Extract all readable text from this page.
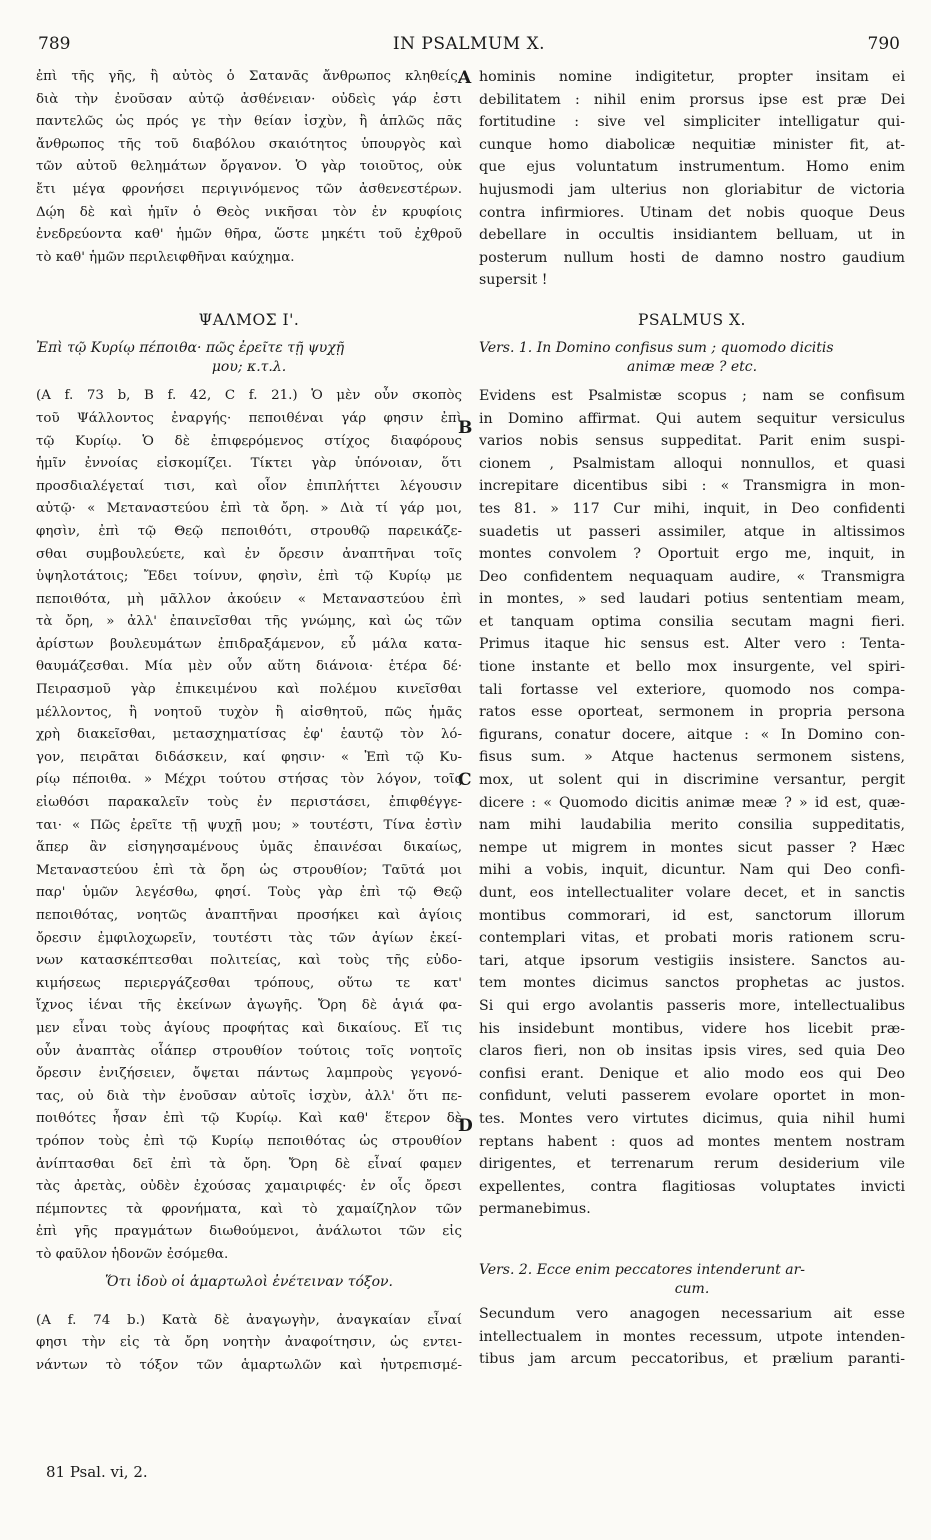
789	IN PSALMUM X.	790
A
B
C
D
ἐπὶ τῆς γῆς, ἢ αὐτὸς ὁ Σατανᾶς ἄνθρωπος κληθείς,
διὰ τὴν ἐνοῦσαν αὐτῷ ἀσθένειαν· οὐδεὶς γάρ ἐστι
παντελῶς ὡς πρός γε τὴν θείαν ἰσχὺν, ἢ ἁπλῶς πᾶς
ἄνθρωπος τῆς τοῦ διαβόλου σκαιότητος ὑπουργὸς καὶ
τῶν αὐτοῦ θελημάτων ὄργανον. Ὁ γὰρ τοιοῦτος, οὐκ
ἔτι μέγα φρονήσει περιγινόμενος τῶν ἀσθενεστέρων.
Δῴη δὲ καὶ ἡμῖν ὁ Θεὸς νικῆσαι τὸν ἐν κρυφίοις
ἐνεδρεύοντα καθ' ἡμῶν θῆρα, ὥστε μηκέτι τοῦ ἐχθροῦ
τὸ καθ' ἡμῶν περιλειφθῆναι καύχημα.
ΨΑΛΜΟΣ Ι'.
Ἐπὶ τῷ Κυρίῳ πέποιθα· πῶς ἐρεῖτε τῇ ψυχῇ
μου; κ.τ.λ.
(A f. 73 b, B f. 42, C f. 21.) Ὁ μὲν οὖν σκοπὸς
τοῦ Ψάλλοντος ἐναργής· πεποιθέναι γάρ φησιν ἐπὶ
τῷ Κυρίῳ. Ὁ δὲ ἐπιφερόμενος στίχος διαφόρους
ἡμῖν ἐννοίας εἰσκομίζει. Τίκτει γὰρ ὑπόνοιαν, ὅτι
προσδιαλέγεταί τισι, καὶ οἷον ἐπιπλήττει λέγουσιν
αὐτῷ· « Μεταναστεύου ἐπὶ τὰ ὄρη. » Διὰ τί γάρ μοι,
φησὶν, ἐπὶ τῷ Θεῷ πεποιθότι, στρουθῷ παρεικάζε-
σθαι συμβουλεύετε, καὶ ἐν ὄρεσιν ἀναπτῆναι τοῖς
ὑψηλοτάτοις; Ἔδει τοίνυν, φησὶν, ἐπὶ τῷ Κυρίῳ με
πεποιθότα, μὴ μᾶλλον ἀκούειν « Μεταναστεύου ἐπὶ
τὰ ὄρη, » ἀλλ' ἐπαινεῖσθαι τῆς γνώμης, καὶ ὡς τῶν
ἀρίστων βουλευμάτων ἐπιδραξάμενον, εὖ μάλα κατα-
θαυμάζεσθαι. Μία μὲν οὖν αὕτη διάνοια· ἑτέρα δέ·
Πειρασμοῦ γὰρ ἐπικειμένου καὶ πολέμου κινεῖσθαι
μέλλοντος, ἢ νοητοῦ τυχὸν ἢ αἰσθητοῦ, πῶς ἡμᾶς
χρὴ διακεῖσθαι, μετασχηματίσας ἐφ' ἑαυτῷ τὸν λό-
γον, πειρᾶται διδάσκειν, καί φησιν· « Ἐπὶ τῷ Κυ-
ρίῳ πέποιθα. » Μέχρι τούτου στήσας τὸν λόγον, τοῖς
εἰωθόσι παρακαλεῖν τοὺς ἐν περιστάσει, ἐπιφθέγγε-
ται· « Πῶς ἐρεῖτε τῇ ψυχῇ μου; » τουτέστι, Τίνα ἐστὶν
ἅπερ ἂν εἰσηγησαμένους ὑμᾶς ἐπαινέσαι δικαίως,
Μεταναστεύου ἐπὶ τὰ ὄρη ὡς στρουθίον; Ταῦτά μοι
παρ' ὑμῶν λεγέσθω, φησί. Τοὺς γὰρ ἐπὶ τῷ Θεῷ
πεποιθότας, νοητῶς ἀναπτῆναι προσήκει καὶ ἁγίοις
ὄρεσιν ἐμφιλοχωρεῖν, τουτέστι τὰς τῶν ἁγίων ἐκεί-
νων κατασκέπτεσθαι πολιτείας, καὶ τοὺς τῆς εὐδο-
κιμήσεως περιεργάζεσθαι τρόπους, οὕτω τε κατ'
ἴχνος ἰέναι τῆς ἐκείνων ἀγωγῆς. Ὄρη δὲ ἁγιά φα-
μεν εἶναι τοὺς ἁγίους προφήτας καὶ δικαίους. Εἴ τις
οὖν ἀναπτὰς οἷάπερ στρουθίον τούτοις τοῖς νοητοῖς
ὄρεσιν ἐνιζήσειεν, ὄψεται πάντως λαμπροὺς γεγονό-
τας, οὐ διὰ τὴν ἐνοῦσαν αὐτοῖς ἰσχὺν, ἀλλ' ὅτι πε-
ποιθότες ἦσαν ἐπὶ τῷ Κυρίῳ. Καὶ καθ' ἕτερον δὲ
τρόπον τοὺς ἐπὶ τῷ Κυρίῳ πεποιθότας ὡς στρουθίον
ἀνίπτασθαι δεῖ ἐπὶ τὰ ὄρη. Ὄρη δὲ εἶναί φαμεν
τὰς ἀρετὰς, οὐδὲν ἐχούσας χαμαιριφές· ἐν οἷς ὄρεσι
πέμποντες τὰ φρονήματα, καὶ τὸ χαμαίζηλον τῶν
ἐπὶ γῆς πραγμάτων διωθούμενοι, ἀνάλωτοι τῶν εἰς
τὸ φαῦλον ἡδονῶν ἐσόμεθα.
Ὅτι ἰδοὺ οἱ ἁμαρτωλοὶ ἐνέτειναν τόξον.
(A f. 74 b.) Κατὰ δὲ ἀναγωγὴν, ἀναγκαίαν εἶναί
φησι τὴν εἰς τὰ ὄρη νοητὴν ἀναφοίτησιν, ὡς εντει-
νάντων τὸ τόξον τῶν ἁμαρτωλῶν καὶ ἠυτρεπισμέ-
hominis nomine indigitetur, propter insitam ei
debilitatem : nihil enim prorsus ipse est præ Dei
fortitudine : sive vel simpliciter intelligatur qui-
cunque homo diabolicæ nequitiæ minister fit, at-
que ejus voluntatum instrumentum. Homo enim
hujusmodi jam ulterius non gloriabitur de victoria
contra infirmiores. Utinam det nobis quoque Deus
debellare in occultis insidiantem belluam, ut in
posterum nullum hosti de damno nostro gaudium
supersit !
PSALMUS X.
Vers. 1. In Domino confisus sum ; quomodo dicitis
animæ meæ ? etc.
Evidens est Psalmistæ scopus ; nam se confisum
in Domino affirmat. Qui autem sequitur versiculus
varios nobis sensus suppeditat. Parit enim suspi-
cionem , Psalmistam alloqui nonnullos, et quasi
increpitare dicentibus sibi : « Transmigra in mon-
tes 81. » 117 Cur mihi, inquit, in Deo confidenti
suadetis ut passeri assimiler, atque in altissimos
montes convolem ? Oportuit ergo me, inquit, in
Deo confidentem nequaquam audire, « Transmigra
in montes, » sed laudari potius sententiam meam,
et tanquam optima consilia secutam magni fieri.
Primus itaque hic sensus est. Alter vero : Tenta-
tione instante et bello mox insurgente, vel spiri-
tali fortasse vel exteriore, quomodo nos compa-
ratos esse oporteat, sermonem in propria persona
figurans, conatur docere, aitque : « In Domino con-
fisus sum. » Atque hactenus sermonem sistens,
mox, ut solent qui in discrimine versantur, pergit
dicere : « Quomodo dicitis animæ meæ ? » id est, quæ-
nam mihi laudabilia merito consilia suppeditatis,
nempe ut migrem in montes sicut passer ? Hæc
mihi a vobis, inquit, dicuntur. Nam qui Deo confi-
dunt, eos intellectualiter volare decet, et in sanctis
montibus commorari, id est, sanctorum illorum
contemplari vitas, et probati moris rationem scru-
tari, atque ipsorum vestigiis insistere. Sanctos au-
tem montes dicimus sanctos prophetas ac justos.
Si qui ergo avolantis passeris more, intellectualibus
his insidebunt montibus, videre hos licebit præ-
claros fieri, non ob insitas ipsis vires, sed quia Deo
confisi erant. Denique et alio modo eos qui Deo
confidunt, veluti passerem evolare oportet in mon-
tes. Montes vero virtutes dicimus, quia nihil humi
reptans habent : quos ad montes mentem nostram
dirigentes, et terrenarum rerum desiderium vile
expellentes, contra flagitiosas voluptates invicti
permanebimus.
Vers. 2. Ecce enim peccatores intenderunt ar-
cum.
Secundum vero anagogen necessarium ait esse
intellectualem in montes recessum, utpote intenden-
tibus jam arcum peccatoribus, et prælium paranti-
81 Psal. vi, 2.
